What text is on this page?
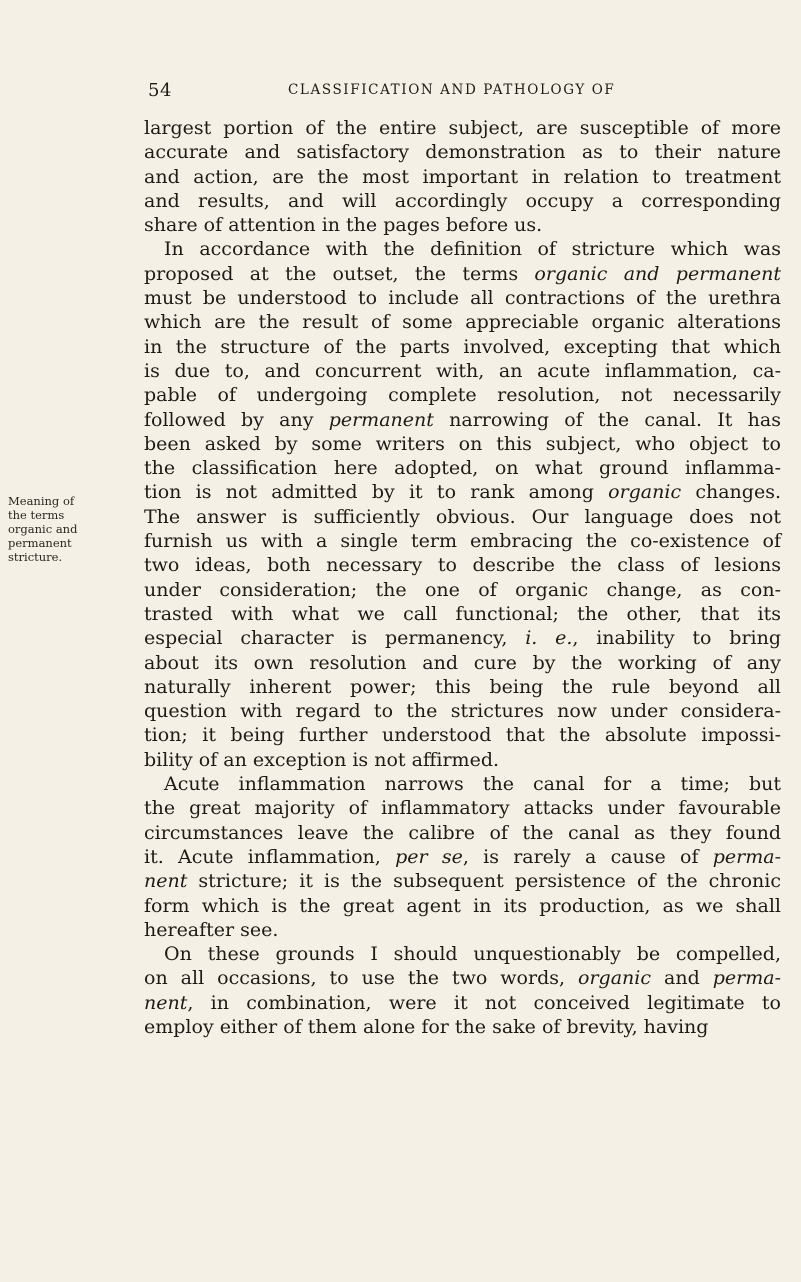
54	CLASSIFICATION AND PATHOLOGY OF
Meaning of
the terms
organic and
permanent
stricture.
largest portion of the entire subject, are susceptible of more
accurate and satisfactory demonstration as to their nature
and action, are the most important in relation to treatment
and results, and will accordingly occupy a corresponding
share of attention in the pages before us.
In accordance with the definition of stricture which was
proposed at the outset, the terms organic and permanent
must be understood to include all contractions of the urethra
which are the result of some appreciable organic alterations
in the structure of the parts involved, excepting that which
is due to, and concurrent with, an acute inflammation, ca-
pable of undergoing complete resolution, not necessarily
followed by any permanent narrowing of the canal. It has
been asked by some writers on this subject, who object to
the classification here adopted, on what ground inflamma-
tion is not admitted by it to rank among organic changes.
The answer is sufficiently obvious. Our language does not
furnish us with a single term embracing the co-existence of
two ideas, both necessary to describe the class of lesions
under consideration; the one of organic change, as con-
trasted with what we call functional; the other, that its
especial character is permanency, i. e., inability to bring
about its own resolution and cure by the working of any
naturally inherent power; this being the rule beyond all
question with regard to the strictures now under considera-
tion; it being further understood that the absolute impossi-
bility of an exception is not affirmed.
Acute inflammation narrows the canal for a time; but
the great majority of inflammatory attacks under favourable
circumstances leave the calibre of the canal as they found
it. Acute inflammation, per se, is rarely a cause of perma-
nent stricture; it is the subsequent persistence of the chronic
form which is the great agent in its production, as we shall
hereafter see.
On these grounds I should unquestionably be compelled,
on all occasions, to use the two words, organic and perma-
nent, in combination, were it not conceived legitimate to
employ either of them alone for the sake of brevity, having
